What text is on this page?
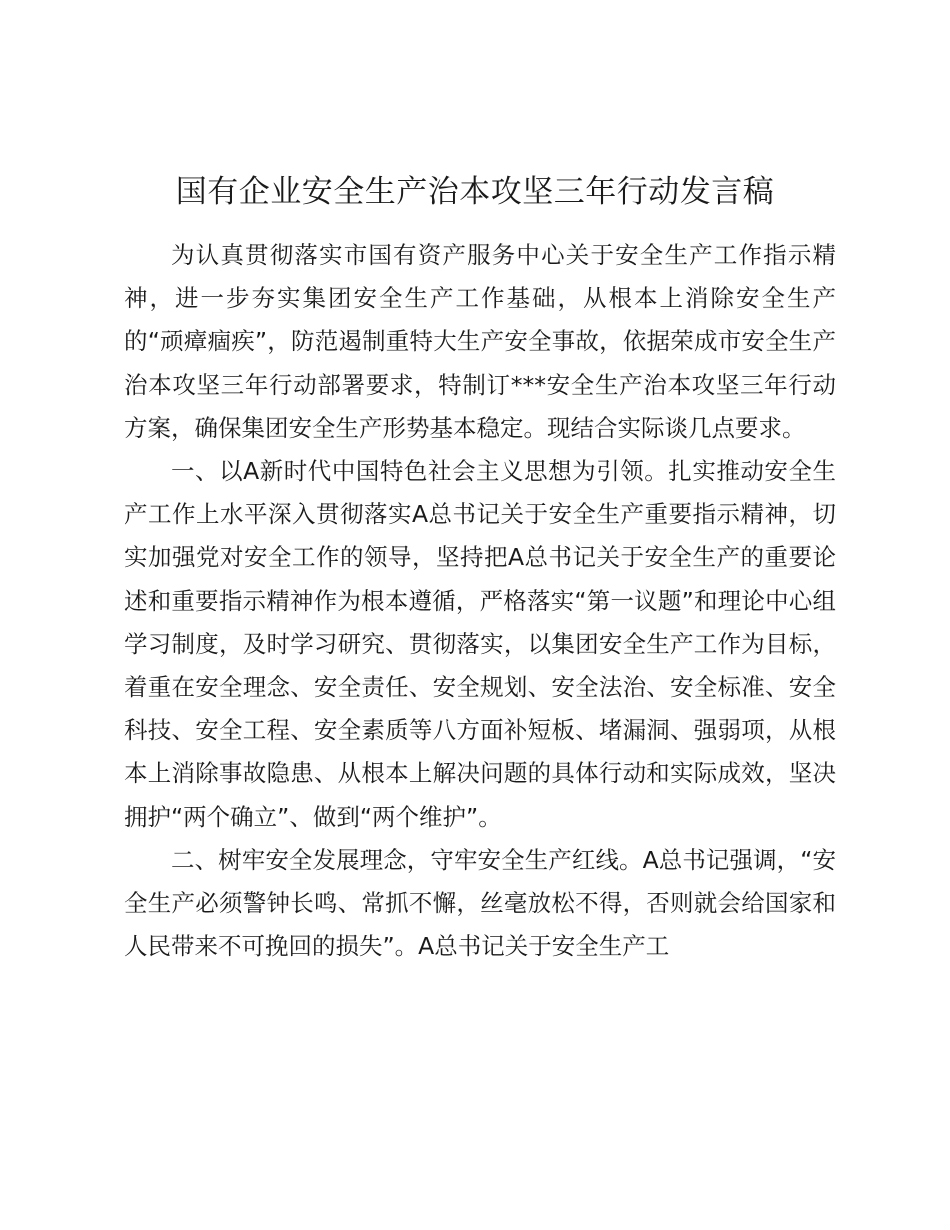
国有企业安全生产治本攻坚三年行动发言稿

为认真贯彻落实市国有资产服务中心关于安全生产工作指示精神，进一步夯实集团安全生产工作基础，从根本上消除安全生产的“顽瘴痼疾”，防范遏制重特大生产安全事故，依据荣成市安全生产治本攻坚三年行动部署要求，特制订***安全生产治本攻坚三年行动方案，确保集团安全生产形势基本稳定。现结合实际谈几点要求。

一、以A新时代中国特色社会主义思想为引领。扎实推动安全生产工作上水平深入贯彻落实A总书记关于安全生产重要指示精神，切实加强党对安全工作的领导，坚持把A总书记关于安全生产的重要论述和重要指示精神作为根本遵循，严格落实“第一议题”和理论中心组学习制度，及时学习研究、贯彻落实，以集团安全生产工作为目标，着重在安全理念、安全责任、安全规划、安全法治、安全标准、安全科技、安全工程、安全素质等八方面补短板、堵漏洞、强弱项，从根本上消除事故隐患、从根本上解决问题的具体行动和实际成效，坚决拥护“两个确立”、做到“两个维护”。

二、树牢安全发展理念，守牢安全生产红线。A总书记强调，“安全生产必须警钟长鸣、常抓不懈，丝毫放松不得，否则就会给国家和人民带来不可挽回的损失”。A总书记关于安全生产工
